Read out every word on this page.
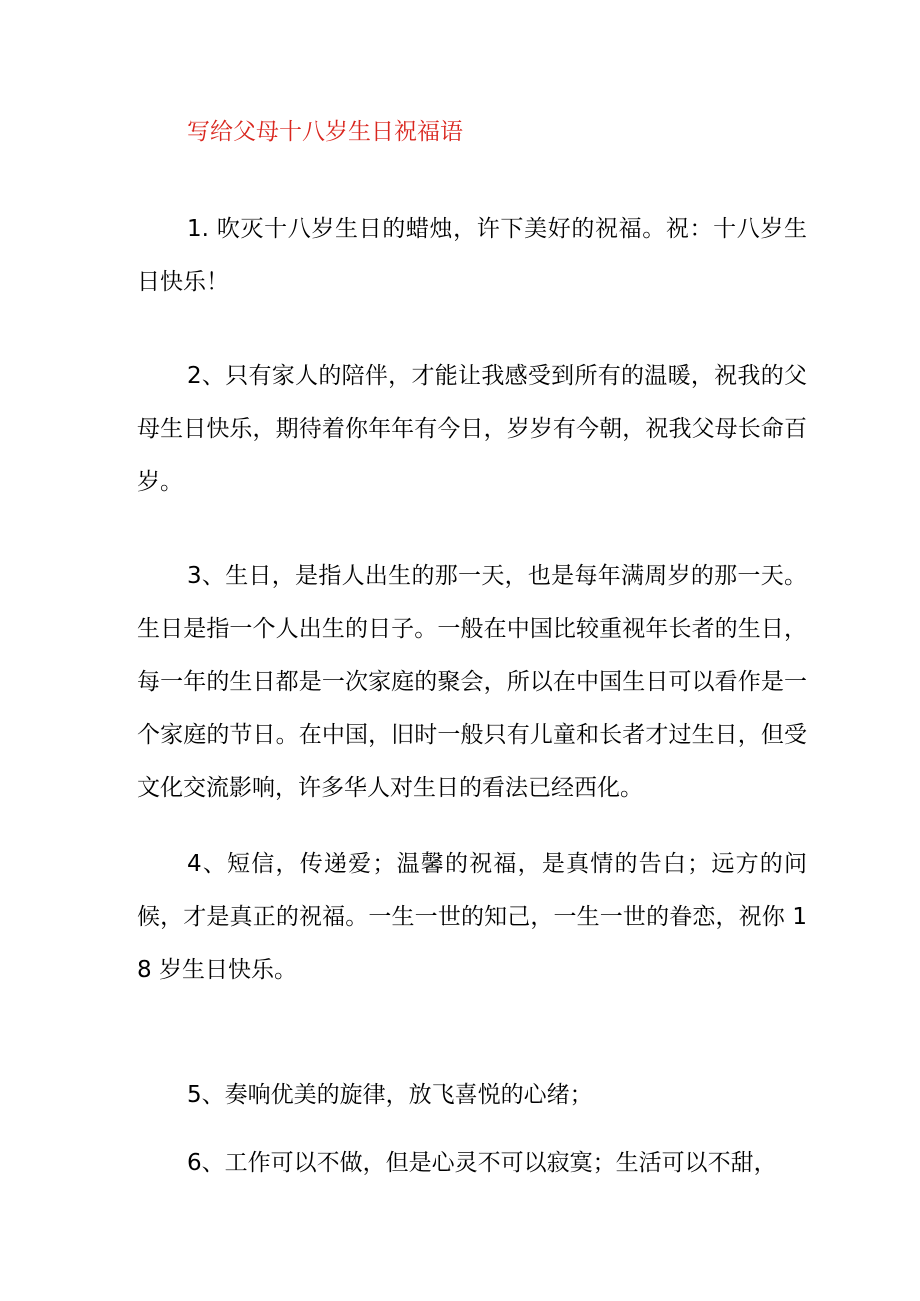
写给父母十八岁生日祝福语
1. 吹灭十八岁生日的蜡烛，许下美好的祝福。祝：十八岁生日快乐！
2、只有家人的陪伴，才能让我感受到所有的温暖，祝我的父母生日快乐，期待着你年年有今日，岁岁有今朝，祝我父母长命百岁。
3、生日，是指人出生的那一天，也是每年满周岁的那一天。生日是指一个人出生的日子。一般在中国比较重视年长者的生日，每一年的生日都是一次家庭的聚会，所以在中国生日可以看作是一个家庭的节日。在中国，旧时一般只有儿童和长者才过生日，但受文化交流影响，许多华人对生日的看法已经西化。
4、短信，传递爱；温馨的祝福，是真情的告白；远方的问候，才是真正的祝福。一生一世的知己，一生一世的眷恋，祝你 18 岁生日快乐。
5、奏响优美的旋律，放飞喜悦的心绪；
6、工作可以不做，但是心灵不可以寂寞；生活可以不甜，
